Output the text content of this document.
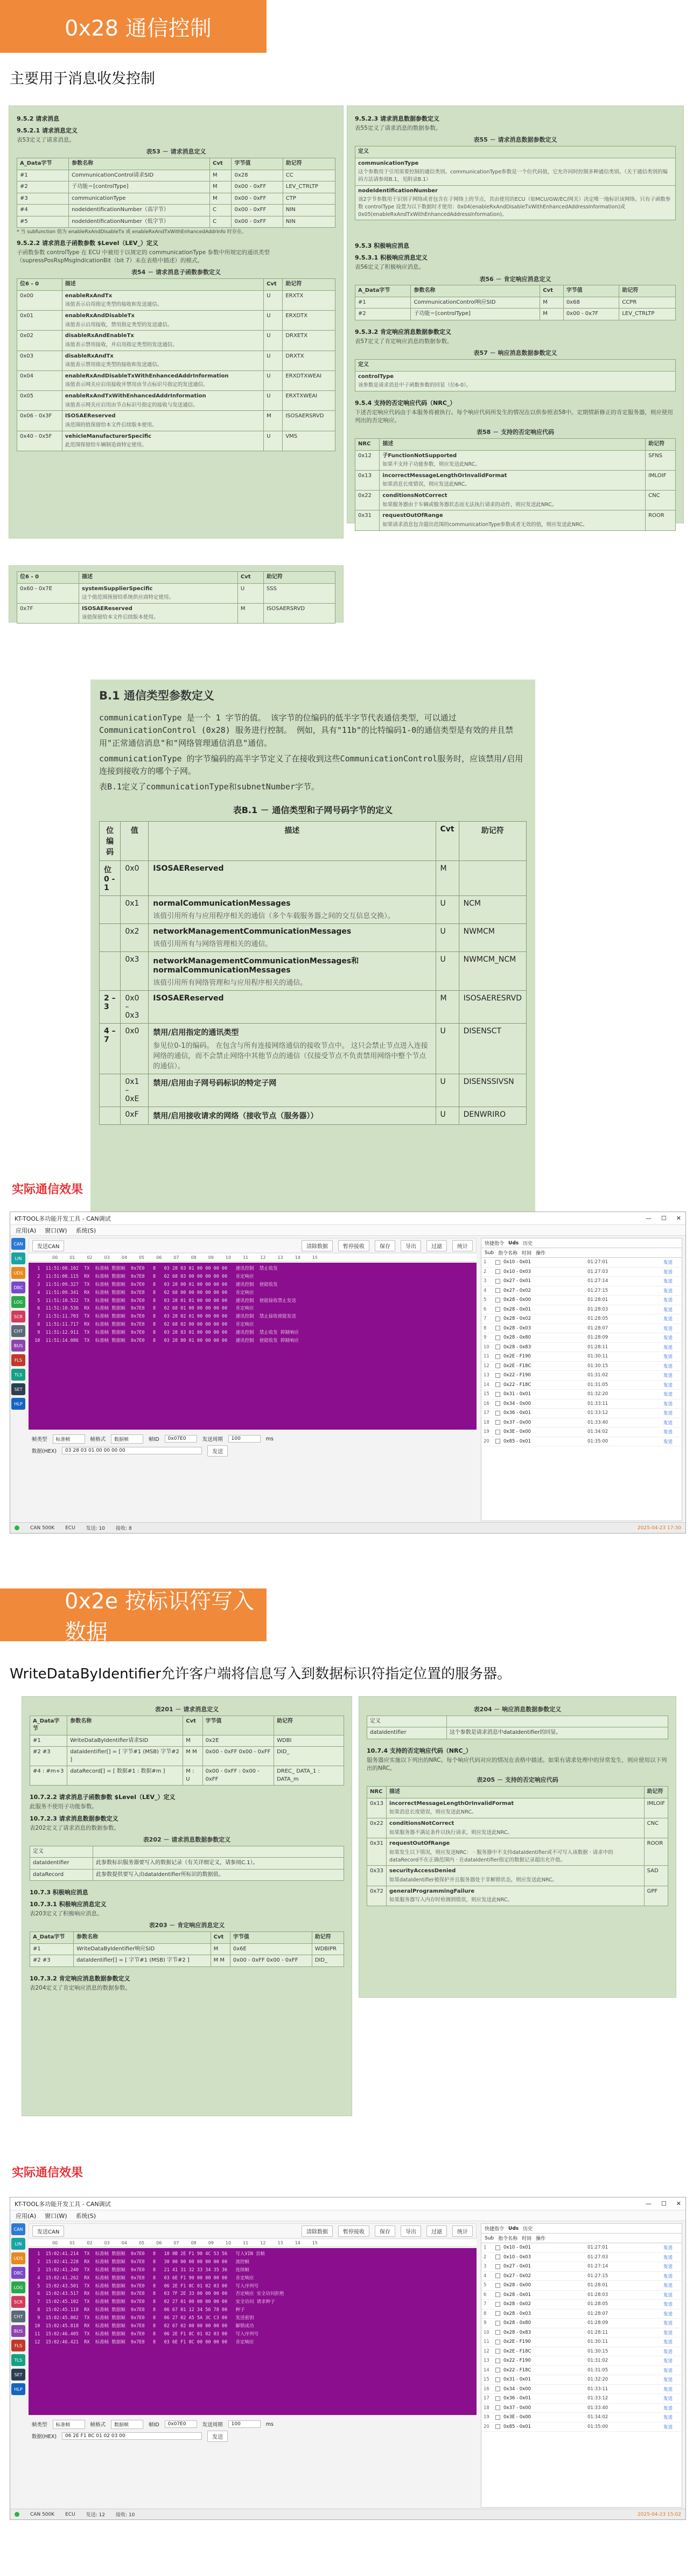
0x28 通信控制
主要用于消息收发控制
9.5.2 请求消息
9.5.2.1 请求消息定义

表53定义了请求消息。

表53 － 请求消息定义
A_Data字节	参数名称	Cvt	字节值	助记符
#1	CommunicationControl请求SID	M	0x28	CC
#2	子功能＝[controlType]	M	0x00 - 0xFF	LEV_CTRLTP
#3	communicationType	M	0x00 - 0xFF	CTP
#4	nodeIdentificationNumber（高字节）	C	0x00 - 0xFF	NIN
#5	nodeIdentificationNumber（低字节）	C	0x00 - 0xFF	NIN

* 当 subfunction 值为 enableRxAndDisableTx 或 enableRxAndTxWithEnhancedAddrInfo 时存在。

9.5.2.2 请求消息子函数参数 $Level（LEV_）定义

子函数参数 controlType 在 ECU 中被用于以规定的 communicationType 参数中所规定的通讯类型（supressPosRspMsgIndicationBit（bit 7）未在表格中描述）的模式。

表54 － 请求消息子函数参数定义
位6 - 0	描述	Cvt	助记符
0x00	enableRxAndTx
该值表示启用指定类型的接收和发送通信。	U	ERXTX
0x01	enableRxAndDisableTx
该值表示启用接收，禁用指定类型的发送通信。	U	ERXDTX
0x02	disableRxAndEnableTx
该值表示禁用接收，并启用指定类型的发送通信。	U	DRXETX
0x03	disableRxAndTx
该值表示禁用指定类型的接收和发送通信。	U	DRXTX
0x04	enableRxAndDisableTxWithEnhancedAddrInformation
该值表示网关应启用接收并禁用由节点标识号指定的发送通信。	U	ERXDTXWEAI
0x05	enableRxAndTxWithEnhancedAddrInformation
该值表示网关应启用由节点标识号指定的接收与发送通信。	U	ERXTXWEAI
0x06 - 0x3F	ISOSAEReserved
该范围的值保留给本文件后续版本使用。	M	ISOSAERSRVD
0x40 - 0x5F	vehicleManufacturerSpecific
此范围保留给车辆制造商特定使用。	U	VMS
位6 - 0	描述	Cvt	助记符
0x60 - 0x7E	systemSupplierSpecific
这个值范围预留给系统供应商特定使用。	U	SSS
0x7F	ISOSAEReserved
该值保留给本文件后续版本使用。	M	ISOSAERSRVD
9.5.2.3 请求消息数据参数定义

表55定义了请求消息的数据参数。

表55 － 请求消息数据参数定义
定义
communicationType
这个参数用于引用需要控制的通信类别。communicationType参数是一个位代码值，它允许同时控制多种通信类别。（关于通信类别的编码方法请参阅B.1，见附录B.1）

nodeIdentificationNumber
该2字节参数用于识别子网络或者包含在子网络上的节点，其由使用的ECU（如MCU/GW/EC/网关）决定唯一地标识该网络。只有子函数参数 controlType 设置为以下数据时才使用：0x04(enableRxAndDisableTxWithEnhancedAddressInformation)或0x05(enableRxAndTxWithEnhancedAddressInformation)。
9.5.3 积极响应消息
9.5.3.1 积极响应消息定义

表56定义了积极响应消息。

表56 － 肯定响应消息定义
A_Data字节	参数名称	Cvt	字节值	助记符
#1	CommunicationControl响应SID	M	0x68	CCPR
#2	子功能＝[controlType]	M	0x00 - 0x7F	LEV_CTRLTP
9.5.3.2 肯定响应消息数据参数定义

表57定义了肯定响应消息的数据参数。

表57 － 响应消息数据参数定义
定义
controlType
该参数是请求消息中子函数参数的回显（位6-0）。
9.5.4 支持的否定响应代码（NRC_）

下述否定响应代码由于本服务将被执行。每个响应代码所发生的情况在以供参照表58中。定期情新修正的肯定服务器，则应使用列出的否定响应。

表58 － 支持的否定响应代码
NRC	描述	助记符
0x12	子FunctionNotSupported
如果不支持子功能参数，则应发送此NRC。	SFNS
0x13	incorrectMessageLengthOrInvalidFormat
如果消息长度错误，则应发送此NRC。	IMLOIF
0x22	conditionsNotCorrect
如果服务器由于车辆或服务器状态而无法执行请求的动作，则应发送此NRC。	CNC
0x31	requestOutOfRange
如果请求消息包含超出范围的communicationType参数或者无效的值，则应发送此NRC。	ROOR
B.1 通信类型参数定义

communicationType 是一个 1 字节的值。 该字节的位编码的低半字节代表通信类型，可以通过 CommunicationControl (0x28) 服务进行控制。 例如，具有"11b"的比特编码1-0的通信类型是有效的并且禁用"正常通信消息"和"网络管理通信消息"通信。

communicationType 的字节编码的高半字节定义了在接收到这些CommunicationControl服务时，应该禁用/启用连接到接收方的哪个子网。

表B.1定义了communicationType和subnetNumber字节。

表B.1 － 通信类型和子网号码字节的定义
位编码	值	描述	Cvt	助记符
位 0 - 1	0x0	ISOSAEReserved	M	
	0x1	normalCommunicationMessages
该值引用所有与应用程序相关的通信（多个车载服务器之间的交互信息交换）。	U	NCM
	0x2	networkManagementCommunicationMessages
该值引用所有与网络管理相关的通信。	U	NWMCM
	0x3	networkManagementCommunicationMessages和normalCommunicationMessages
该值引用所有网络管理和与应用程序相关的通信。	U	NWMCM_NCM
2 – 3	0x0 – 0x3	ISOSAEReserved	M	ISOSAERESRVD
4 – 7	0x0	禁用/启用指定的通讯类型
参见位0-1的编码。 在包含与所有连接网络通信的接收节点中。 这只会禁止节点进入连接网络的通信，而不会禁止网络中其他节点的通信（仅接受节点不负责禁用网络中整个节点的通信）。	U	DISENSCT
	0x1 – 0xE	禁用/启用由子网号码标识的特定子网	U	DISENSSIVSN
	0xF	禁用/启用接收请求的网络（接收节点（服务器））	U	DENWRIRO
实际通信效果
KT-TOOL多功能开发工具 - CAN调试	— ☐ ✕
应用(A) 窗口(W) 系统(S)
CAN
LIN
UDS
DBC
LOG
SCR
CHT
BUS
FLS
TLS
SET
HLP
发送CAN	清除数据	暂停接收	保存	导出	过滤	统计
00	01	02	03	04	05	06	07	08	09	10	11	12	13	14	15
1  11:51:08.102  TX  标准帧 数据帧  0x7E0   8   03 28 03 01 00 00 00 00   通讯控制  禁止收发
2  11:51:08.115  RX  标准帧 数据帧  0x7E8   8   02 68 03 00 00 00 00 00   肯定响应
3  11:51:09.327  TX  标准帧 数据帧  0x7E0   8   03 28 00 01 00 00 00 00   通讯控制  使能收发
4  11:51:09.341  RX  标准帧 数据帧  0x7E8   8   02 68 00 00 00 00 00 00   肯定响应
5  11:51:10.522  TX  标准帧 数据帧  0x7E0   8   03 28 01 01 00 00 00 00   通讯控制  使能接收禁止发送
6  11:51:10.536  RX  标准帧 数据帧  0x7E8   8   02 68 01 00 00 00 00 00   肯定响应
7  11:51:11.703  TX  标准帧 数据帧  0x7E0   8   03 28 02 01 00 00 00 00   通讯控制  禁止接收使能发送
8  11:51:11.717  RX  标准帧 数据帧  0x7E8   8   02 68 02 00 00 00 00 00   肯定响应
9  11:51:12.911  TX  标准帧 数据帧  0x7E0   8   03 28 83 01 00 00 00 00   通讯控制  禁止收发 抑制响应
10  11:51:14.086  TX  标准帧 数据帧  0x7E0   8   03 28 80 01 00 00 00 00   通讯控制  使能收发 抑制响应
帧类型	标准帧	帧格式	数据帧	帧ID	0x07E0	发送周期	100	ms
数据(HEX)	03 28 03 01 00 00 00 00	发送
快捷指令 Uds 历史
Sub 指令名称 时间 操作
1	0x10 - 0x01	01:27:01	发送
2	0x10 - 0x03	01:27:03	发送
3	0x27 - 0x01	01:27:14	发送
4	0x27 - 0x02	01:27:15	发送
5	0x28 - 0x00	01:28:01	发送
6	0x28 - 0x01	01:28:03	发送
7	0x28 - 0x02	01:28:05	发送
8	0x28 - 0x03	01:28:07	发送
9	0x28 - 0x80	01:28:09	发送
10	0x28 - 0x83	01:28:11	发送
11	0x2E - F190	01:30:11	发送
12	0x2E - F18C	01:30:15	发送
13	0x22 - F190	01:31:02	发送
14	0x22 - F18C	01:31:05	发送
15	0x31 - 0x01	01:32:20	发送
16	0x34 - 0x00	01:33:11	发送
17	0x36 - 0x01	01:33:12	发送
18	0x37 - 0x00	01:33:40	发送
19	0x3E - 0x00	01:34:02	发送
20	0x85 - 0x01	01:35:00	发送
CAN 500K ECU 发送: 10 接收: 8	2025-04-23 17:30
0x2e 按标识符写入数据
WriteDataByIdentifier允许客户端将信息写入到数据标识符指定位置的服务器。
表201 － 请求消息定义
A_Data字节	参数名称	Cvt	字节值	助记符
#1	WriteDataByIdentifier请求SID	M	0x2E	WDBI
#2 #3	dataIdentifier[] = [ 字节#1 (MSB) 字节#2 ]	M M	0x00 - 0xFF 0x00 - 0xFF	DID_
#4 : #m+3	dataRecord[] = [ 数据#1 : 数据#m ]	M : U	0x00 - 0xFF : 0x00 - 0xFF	DREC_ DATA_1 : DATA_m
10.7.2.2 请求消息子函数参数 $Level（LEV_）定义

此服务不使用子功能参数。

10.7.2.3 请求消息数据参数定义

表202定义了请求消息的数据参数。

表202 － 请求消息数据参数定义
定义	
dataIdentifier	此参数标识服务器要写入的数据记录（有关详细定义，请参阅C.1）。
dataRecord	此参数提供要写入由dataIdentifier所标识的数据值。
10.7.3 积极响应消息
10.7.3.1 积极响应消息定义

表203定义了积极响应消息。

表203 － 肯定响应消息定义
A_Data字节	参数名称	Cvt	字节值	助记符
#1	WriteDataByIdentifier响应SID	M	0x6E	WDBIPR
#2 #3	dataIdentifier[] = [ 字节#1 (MSB) 字节#2 ]	M M	0x00 - 0xFF 0x00 - 0xFF	DID_
10.7.3.2 肯定响应消息数据参数定义

表204定义了肯定响应消息的数据参数。

表204 － 响应消息数据参数定义
定义	
dataIdentifier	这个参数是请求消息中dataIdentifier的回显。
10.7.4 支持的否定响应代码（NRC_）

服务器应实施以下列出的NRC。每个响应代码对应的情况在表格中描述。如果有请求处理中的异常发生，则应使用以下列出的NRC。

表205 － 支持的否定响应代码
NRC	描述	助记符
0x13	incorrectMessageLengthOrInvalidFormat
如果消息长度错误，则应发送此NRC。	IMLOIF
0x22	conditionsNotCorrect
如果服务器不满足条件以执行请求，则应发送此NRC。	CNC
0x31	requestOutOfRange
如果发生以下情况，则应发送NRC： · 服务器中不支持dataIdentifier或不可写入该数据 · 请求中的dataRecord不在正确范围内 · 在dataIdentifier指定的数据记录超出允许值。	ROOR
0x33	securityAccessDenied
如果dataIdentifier被保护并且服务器处于非解锁状态，则应发送此NRC。	SAD
0x72	generalProgrammingFailure
如果服务器写入内存时检测到错误，则应发送此NRC。	GPF
实际通信效果
KT-TOOL多功能开发工具 - CAN调试	— ☐ ✕
应用(A) 窗口(W) 系统(S)
CAN
LIN
UDS
DBC
LOG
SCR
CHT
BUS
FLS
TLS
SET
HLP
发送CAN	清除数据	暂停接收	保存	导出	过滤	统计
00	01	02	03	04	05	06	07	08	09	10	11	12	13	14	15
1  15:02:41.214  TX  标准帧 数据帧  0x7E0   8   10 0B 2E F1 90 4C 53 56   写入VIN 首帧
2  15:02:41.228  RX  标准帧 数据帧  0x7E8   8   30 00 00 00 00 00 00 00   流控帧
3  15:02:41.240  TX  标准帧 数据帧  0x7E0   8   21 41 31 32 33 34 35 36   连续帧
4  15:02:41.262  RX  标准帧 数据帧  0x7E8   8   03 6E F1 90 00 00 00 00   肯定响应
5  15:02:43.501  TX  标准帧 数据帧  0x7E0   8   06 2E F1 8C 01 02 03 00   写入序列号
6  15:02:43.517  RX  标准帧 数据帧  0x7E8   8   03 7F 2E 33 00 00 00 00   否定响应 安全访问拒绝
7  15:02:45.102  TX  标准帧 数据帧  0x7E0   8   02 27 01 00 00 00 00 00   安全访问 请求种子
8  15:02:45.118  RX  标准帧 数据帧  0x7E8   8   06 67 01 12 34 56 78 00   种子
9  15:02:45.802  TX  标准帧 数据帧  0x7E0   8   06 27 02 A5 5A 3C C3 00   发送密钥
10  15:02:45.818  RX  标准帧 数据帧  0x7E8   8   02 67 02 00 00 00 00 00   解锁成功
11  15:02:46.405  TX  标准帧 数据帧  0x7E0   8   06 2E F1 8C 01 02 03 00   写入序列号
12  15:02:46.421  RX  标准帧 数据帧  0x7E8   8   03 6E F1 8C 00 00 00 00   肯定响应
帧类型	标准帧	帧格式	数据帧	帧ID	0x07E0	发送周期	100	ms
数据(HEX)	06 2E F1 8C 01 02 03 00	发送
快捷指令 Uds 历史
Sub 指令名称 时间 操作
1	0x10 - 0x01	01:27:01	发送
2	0x10 - 0x03	01:27:03	发送
3	0x27 - 0x01	01:27:14	发送
4	0x27 - 0x02	01:27:15	发送
5	0x28 - 0x00	01:28:01	发送
6	0x28 - 0x01	01:28:03	发送
7	0x28 - 0x02	01:28:05	发送
8	0x28 - 0x03	01:28:07	发送
9	0x28 - 0x80	01:28:09	发送
10	0x28 - 0x83	01:28:11	发送
11	0x2E - F190	01:30:11	发送
12	0x2E - F18C	01:30:15	发送
13	0x22 - F190	01:31:02	发送
14	0x22 - F18C	01:31:05	发送
15	0x31 - 0x01	01:32:20	发送
16	0x34 - 0x00	01:33:11	发送
17	0x36 - 0x01	01:33:12	发送
18	0x37 - 0x00	01:33:40	发送
19	0x3E - 0x00	01:34:02	发送
20	0x85 - 0x01	01:35:00	发送
CAN 500K ECU 发送: 12 接收: 10	2025-04-23 15:02
